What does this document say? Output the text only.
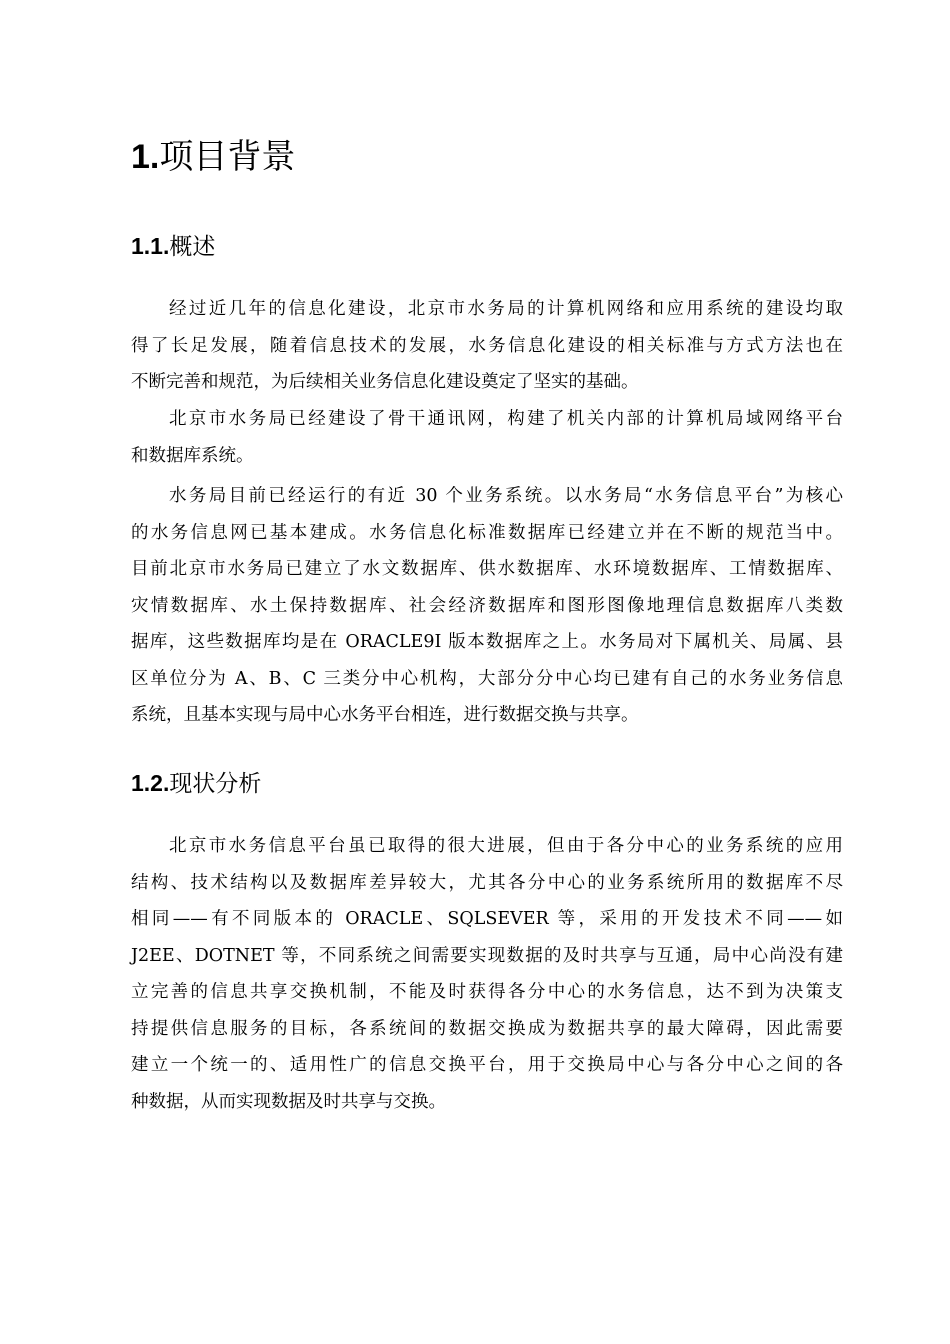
1.项目背景
1.1.概述
经过近几年的信息化建设，北京市水务局的计算机网络和应用系统的建设均取
得了长足发展，随着信息技术的发展，水务信息化建设的相关标准与方式方法也在
不断完善和规范，为后续相关业务信息化建设奠定了坚实的基础。
北京市水务局已经建设了骨干通讯网，构建了机关内部的计算机局域网络平台
和数据库系统。
水务局目前已经运行的有近 30 个业务系统。以水务局“水务信息平台”为核心
的水务信息网已基本建成。水务信息化标准数据库已经建立并在不断的规范当中。
目前北京市水务局已建立了水文数据库、供水数据库、水环境数据库、工情数据库、
灾情数据库、水土保持数据库、社会经济数据库和图形图像地理信息数据库八类数
据库，这些数据库均是在 ORACLE9I 版本数据库之上。水务局对下属机关、局属、县
区单位分为 A、B、C 三类分中心机构，大部分分中心均已建有自己的水务业务信息
系统，且基本实现与局中心水务平台相连，进行数据交换与共享。
1.2.现状分析
北京市水务信息平台虽已取得的很大进展，但由于各分中心的业务系统的应用
结构、技术结构以及数据库差异较大，尤其各分中心的业务系统所用的数据库不尽
相同——有不同版本的 ORACLE、SQLSEVER 等，采用的开发技术不同——如
J2EE、DOTNET 等，不同系统之间需要实现数据的及时共享与互通，局中心尚没有建
立完善的信息共享交换机制，不能及时获得各分中心的水务信息，达不到为决策支
持提供信息服务的目标，各系统间的数据交换成为数据共享的最大障碍，因此需要
建立一个统一的、适用性广的信息交换平台，用于交换局中心与各分中心之间的各
种数据，从而实现数据及时共享与交换。
